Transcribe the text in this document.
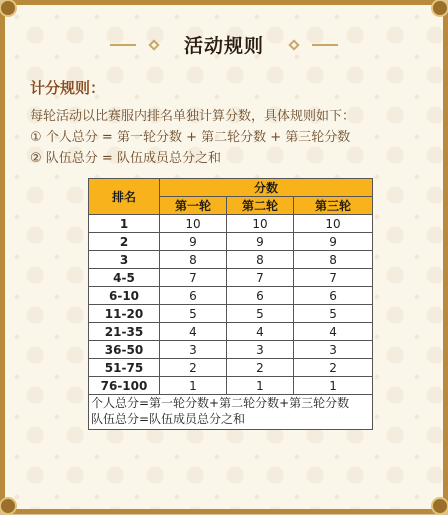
活动规则
计分规则：
每轮活动以比赛服内排名单独计算分数，具体规则如下：
① 个人总分 = 第一轮分数 + 第二轮分数 + 第三轮分数
② 队伍总分 = 队伍成员总分之和
排名	分数		
	第一轮	第二轮	第三轮
1	10	10	10
2	9	9	9
3	8	8	8
4-5	7	7	7
6-10	6	6	6
11-20	5	5	5
21-35	4	4	4
36-50	3	3	3
51-75	2	2	2
76-100	1	1	1

个人总分=第一轮分数+第二轮分数+第三轮分数
队伍总分=队伍成员总分之和			
